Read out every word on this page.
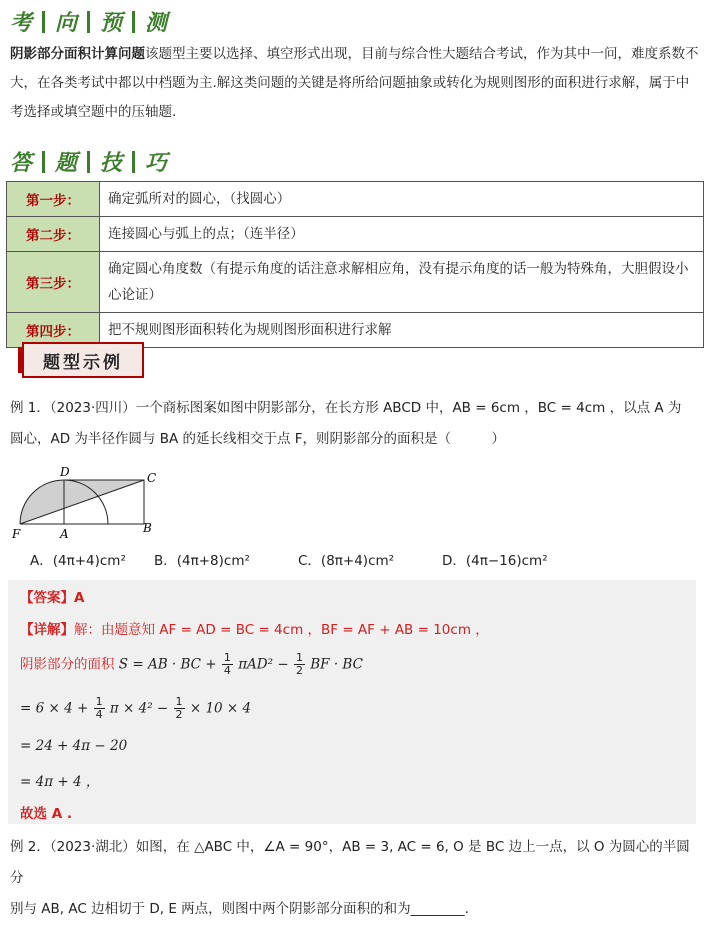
考 向 预 测
阴影部分面积计算问题该题型主要以选择、填空形式出现，目前与综合性大题结合考试，作为其中一问，难度系数不大，在各类考试中都以中档题为主.解这类问题的关键是将所给问题抽象或转化为规则图形的面积进行求解，属于中考选择或填空题中的压轴题.
答 题 技 巧
第一步：	确定弧所对的圆心，（找圆心）
第二步：	连接圆心与弧上的点；（连半径）
第三步：	确定圆心角度数（有提示角度的话注意求解相应角，没有提示角度的话一般为特殊角，大胆假设小心论证）
第四步：	把不规则图形面积转化为规则图形面积进行求解
题型示例
例 1．（2023·四川）一个商标图案如图中阴影部分，在长方形 ABCD 中，AB = 6cm ，BC = 4cm ，以点 A 为
圆心，AD 为半径作圆与 BA 的延长线相交于点 F，则阴影部分的面积是（　　　）
D	C
F	A	B
A．(4π+4)cm²	B．(4π+8)cm²	C．(8π+4)cm²	D．(4π−16)cm²
【答案】A
【详解】解：由题意知 AF = AD = BC = 4cm ，BF = AF + AB = 10cm ，
阴影部分的面积 S = AB · BC + $\frac{1}{4} \pi AD^2 - \frac{1}{2}$ BF · BC
= $6 \times 4 + \frac{1}{4}$ $\pi \times 4^2 - \frac{1}{2} \times 10 \times 4$
= 24 + 4π − 20
= 4π + 4 ，
故选 A .
例 2．（2023·湖北）如图，在 △ABC 中，∠A = 90°，AB = 3, AC = 6, O 是 BC 边上一点，以 O 为圆心的半圆分
别与 AB, AC 边相切于 D, E 两点，则图中两个阴影部分面积的和为________.
